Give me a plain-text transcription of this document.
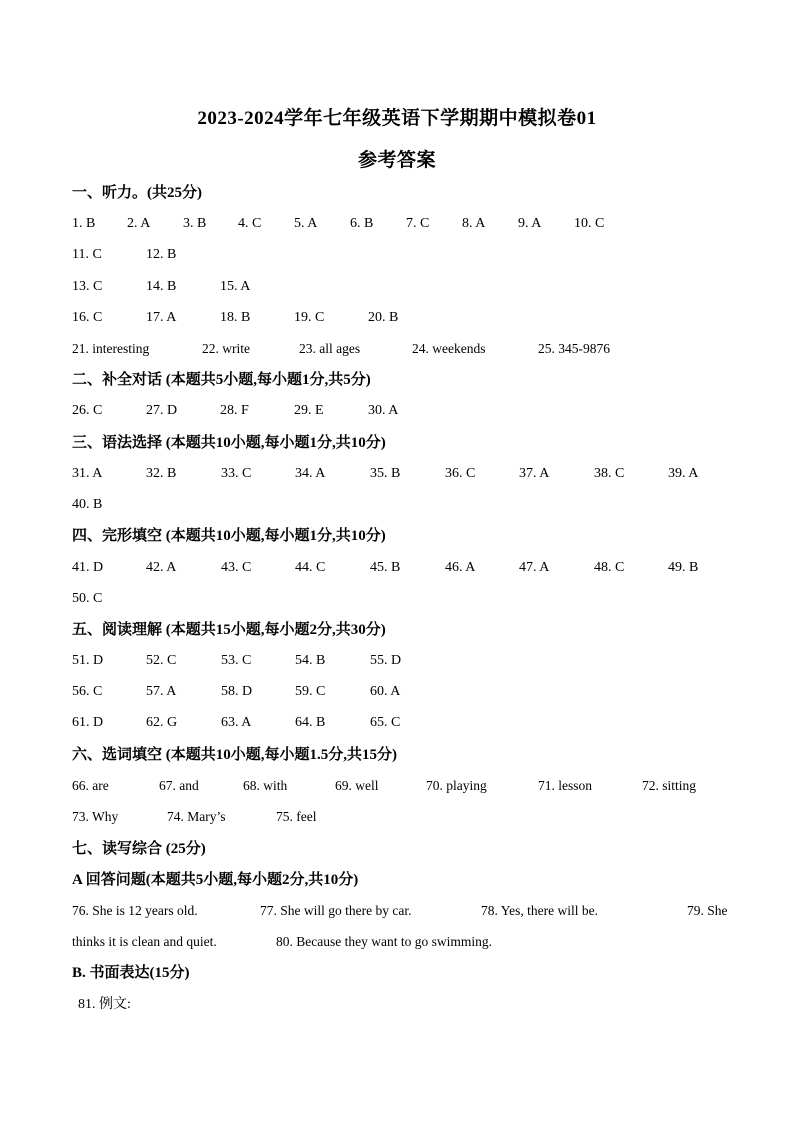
2023-2024学年七年级英语下学期期中模拟卷01
参考答案
一、听力。(共25分)
1. B 2. A 3. B 4. C 5. A 6. B 7. C 8. A 9. A 10. C
11. C	12. B
13. C	14. B	15. A
16. C	17. A	18. B	19. C	20. B
21. interesting	22. write	23. all ages	24. weekends	25. 345-9876
二、补全对话 (本题共5小题,每小题1分,共5分)
26. C	27. D	28. F	29. E	30. A
三、语法选择 (本题共10小题,每小题1分,共10分)
31. A	32. B	33. C	34. A	35. B	36. C	37. A	38. C	39. A
40. B
四、完形填空 (本题共10小题,每小题1分,共10分)
41. D	42. A	43. C	44. C	45. B	46. A	47. A	48. C	49. B
50. C
五、阅读理解 (本题共15小题,每小题2分,共30分)
51. D	52. C	53. C	54. B	55. D
56. C	57. A	58. D	59. C	60. A
61. D	62. G	63. A	64. B	65. C
六、选词填空 (本题共10小题,每小题1.5分,共15分)
66. are	67. and	68. with	69. well	70. playing	71. lesson	72. sitting
73. Why	74. Mary’s	75. feel
七、读写综合 (25分)
A 回答问题(本题共5小题,每小题2分,共10分)
76. She is 12 years old.	77. She will go there by car.	78. Yes, there will be.	79. She
thinks it is clean and quiet.	80. Because they want to go swimming.
B. 书面表达(15分)
81. 例文:
